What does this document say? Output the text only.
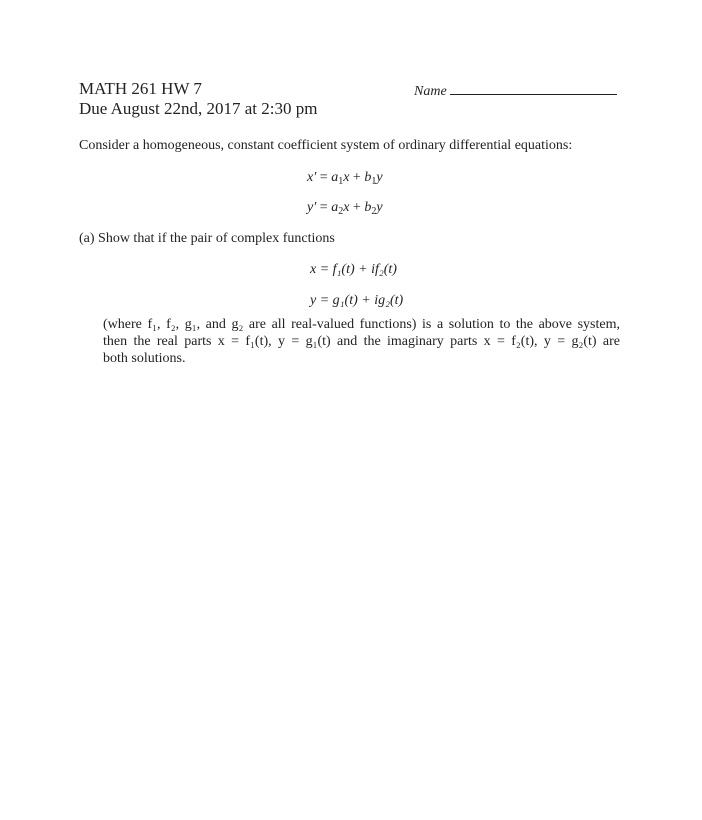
MATH 261 HW 7
Due August 22nd, 2017 at 2:30 pm
Name
Consider a homogeneous, constant coefficient system of ordinary differential equations:
$x' = a_1x + b_1y$
$y' = a_2x + b_2y$
(a) Show that if the pair of complex functions
x = f₁(t) + if₂(t)
y = g₁(t) + ig₂(t)
(where f₁, f₂, g₁, and g₂ are all real-valued functions) is a solution to the above system,
then the real parts x = f₁(t), y = g₁(t) and the imaginary parts x = f₂(t), y = g₂(t) are
both solutions.
